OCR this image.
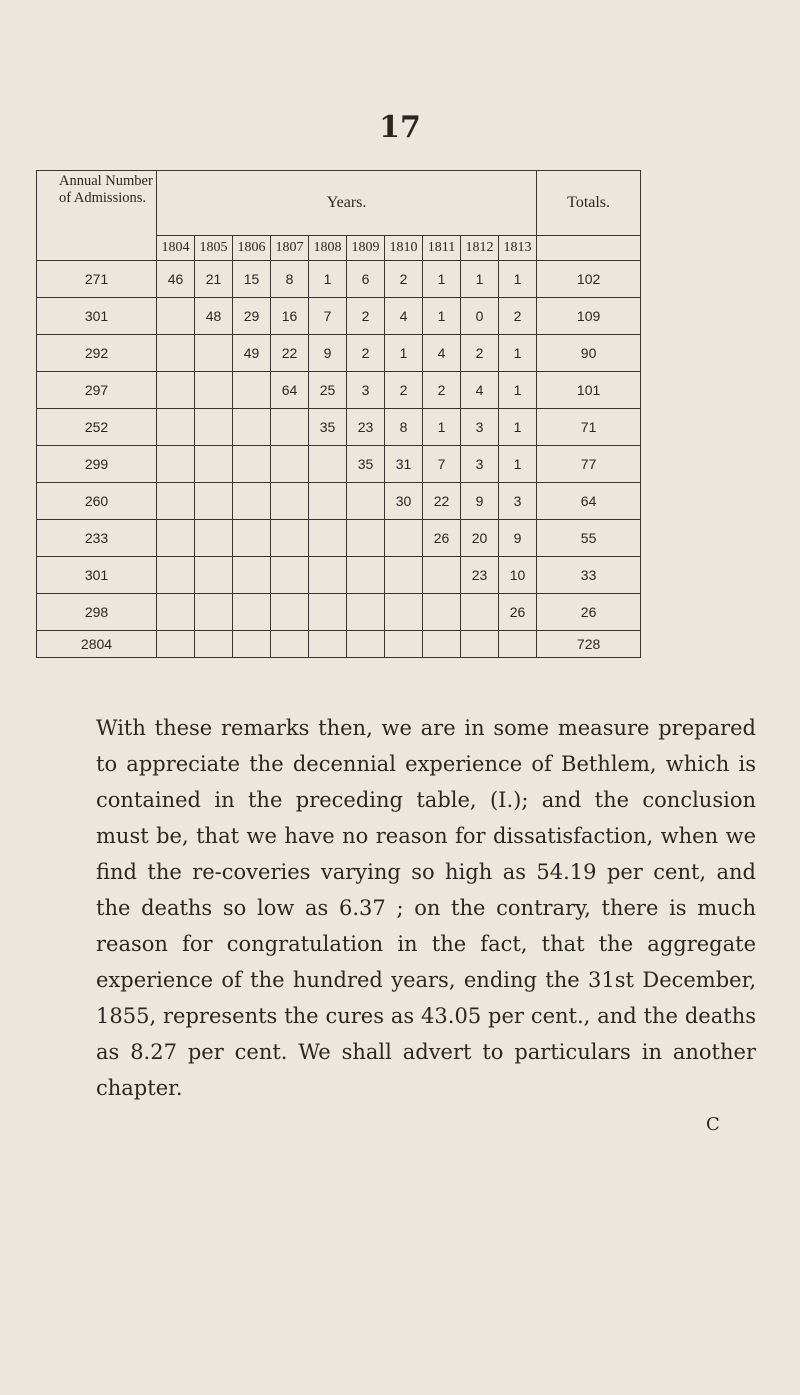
17
Annual Number of Admissions.	Years.										Totals.
	1804	1805	1806	1807	1808	1809	1810	1811	1812	1813	
271	46	21	15	8	1	6	2	1	1	1	102
301		48	29	16	7	2	4	1	0	2	109
292			49	22	9	2	1	4	2	1	90
297				64	25	3	2	2	4	1	101
252					35	23	8	1	3	1	71
299						35	31	7	3	1	77
260							30	22	9	3	64
233								26	20	9	55
301									23	10	33
298										26	26
2804											728

With these remarks then, we are in some measure prepared to appreciate the decennial experience of Bethlem, which is contained in the preceding table, (I.); and the conclusion must be, that we have no reason for dissatisfaction, when we find the re-coveries varying so high as 54.19 per cent, and the deaths so low as 6.37 ; on the contrary, there is much reason for congratulation in the fact, that the aggregate experience of the hundred years, ending the 31st December, 1855, represents the cures as 43.05 per cent., and the deaths as 8.27 per cent. We shall advert to particulars in another chapter.

C
